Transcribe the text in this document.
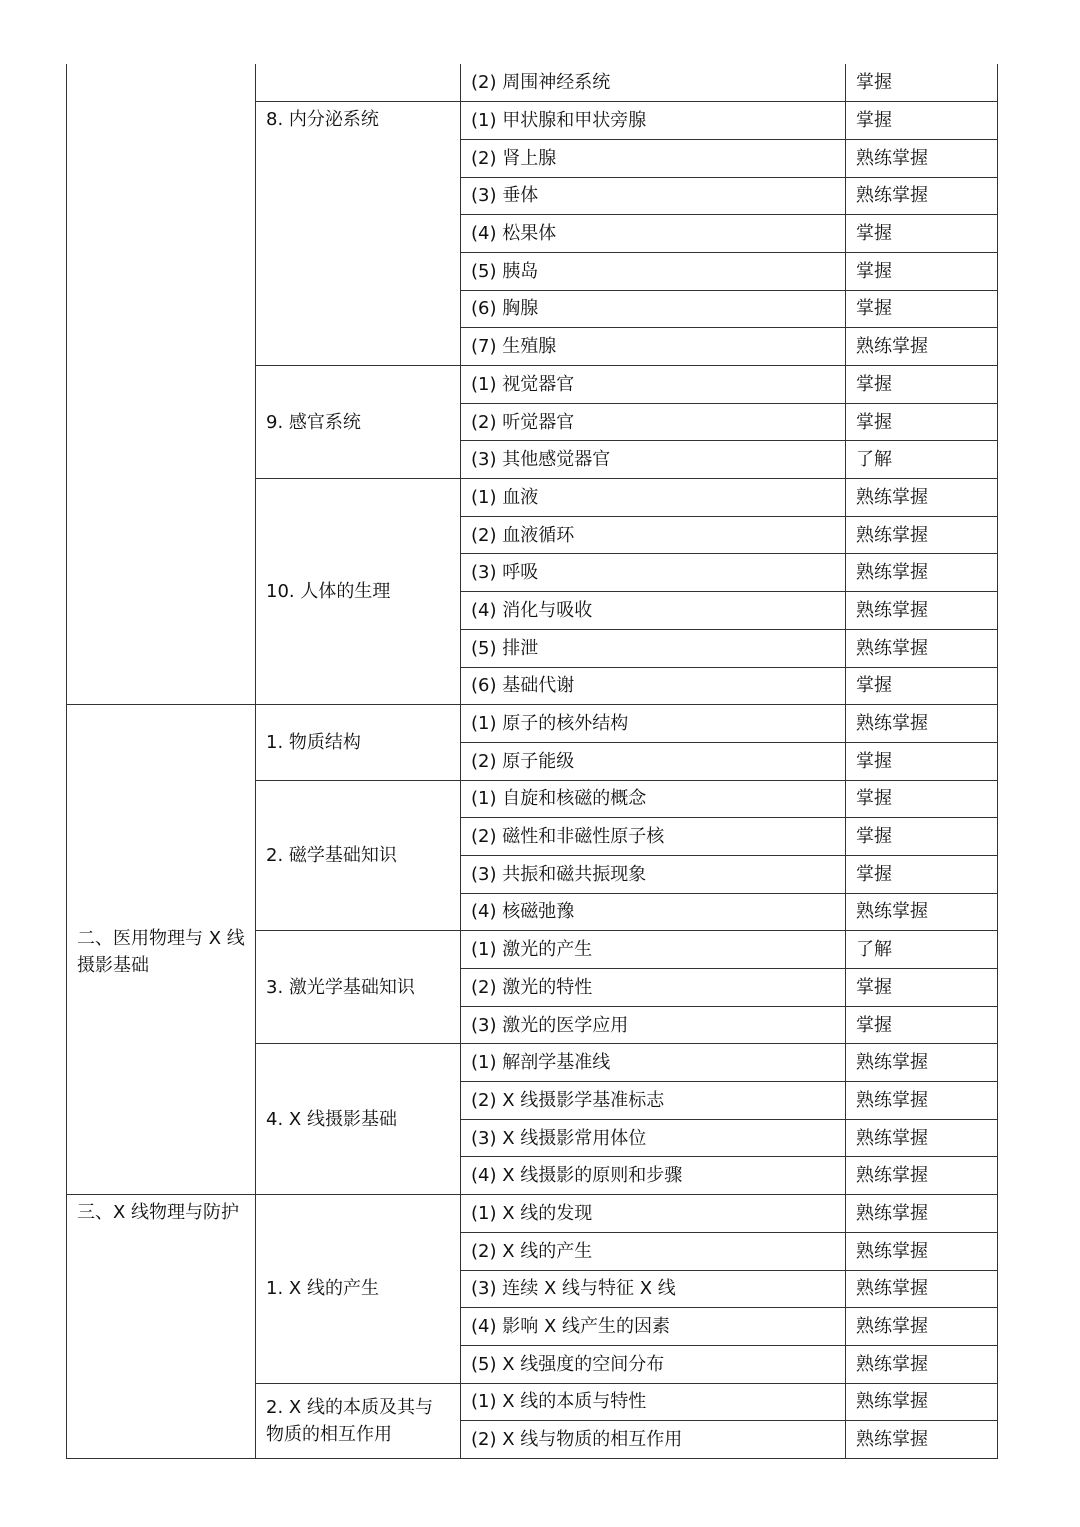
		(2) 周围神经系统	掌握
	8. 内分泌系统	(1) 甲状腺和甲状旁腺	掌握
		(2) 肾上腺	熟练掌握
		(3) 垂体	熟练掌握
		(4) 松果体	掌握
		(5) 胰岛	掌握
		(6) 胸腺	掌握
		(7) 生殖腺	熟练掌握
	9. 感官系统	(1) 视觉器官	掌握
		(2) 听觉器官	掌握
		(3) 其他感觉器官	了解
	10. 人体的生理	(1) 血液	熟练掌握
		(2) 血液循环	熟练掌握
		(3) 呼吸	熟练掌握
		(4) 消化与吸收	熟练掌握
		(5) 排泄	熟练掌握
		(6) 基础代谢	掌握
二、医用物理与 X 线摄影基础	1. 物质结构	(1) 原子的核外结构	熟练掌握
		(2) 原子能级	掌握
	2. 磁学基础知识	(1) 自旋和核磁的概念	掌握
		(2) 磁性和非磁性原子核	掌握
		(3) 共振和磁共振现象	掌握
		(4) 核磁弛豫	熟练掌握
	3. 激光学基础知识	(1) 激光的产生	了解
		(2) 激光的特性	掌握
		(3) 激光的医学应用	掌握
	4. X 线摄影基础	(1) 解剖学基准线	熟练掌握
		(2) X 线摄影学基准标志	熟练掌握
		(3) X 线摄影常用体位	熟练掌握
		(4) X 线摄影的原则和步骤	熟练掌握
三、X 线物理与防护	1. X 线的产生	(1) X 线的发现	熟练掌握
		(2) X 线的产生	熟练掌握
		(3) 连续 X 线与特征 X 线	熟练掌握
		(4) 影响 X 线产生的因素	熟练掌握
		(5) X 线强度的空间分布	熟练掌握
	2. X 线的本质及其与物质的相互作用	(1) X 线的本质与特性	熟练掌握
		(2) X 线与物质的相互作用	熟练掌握
